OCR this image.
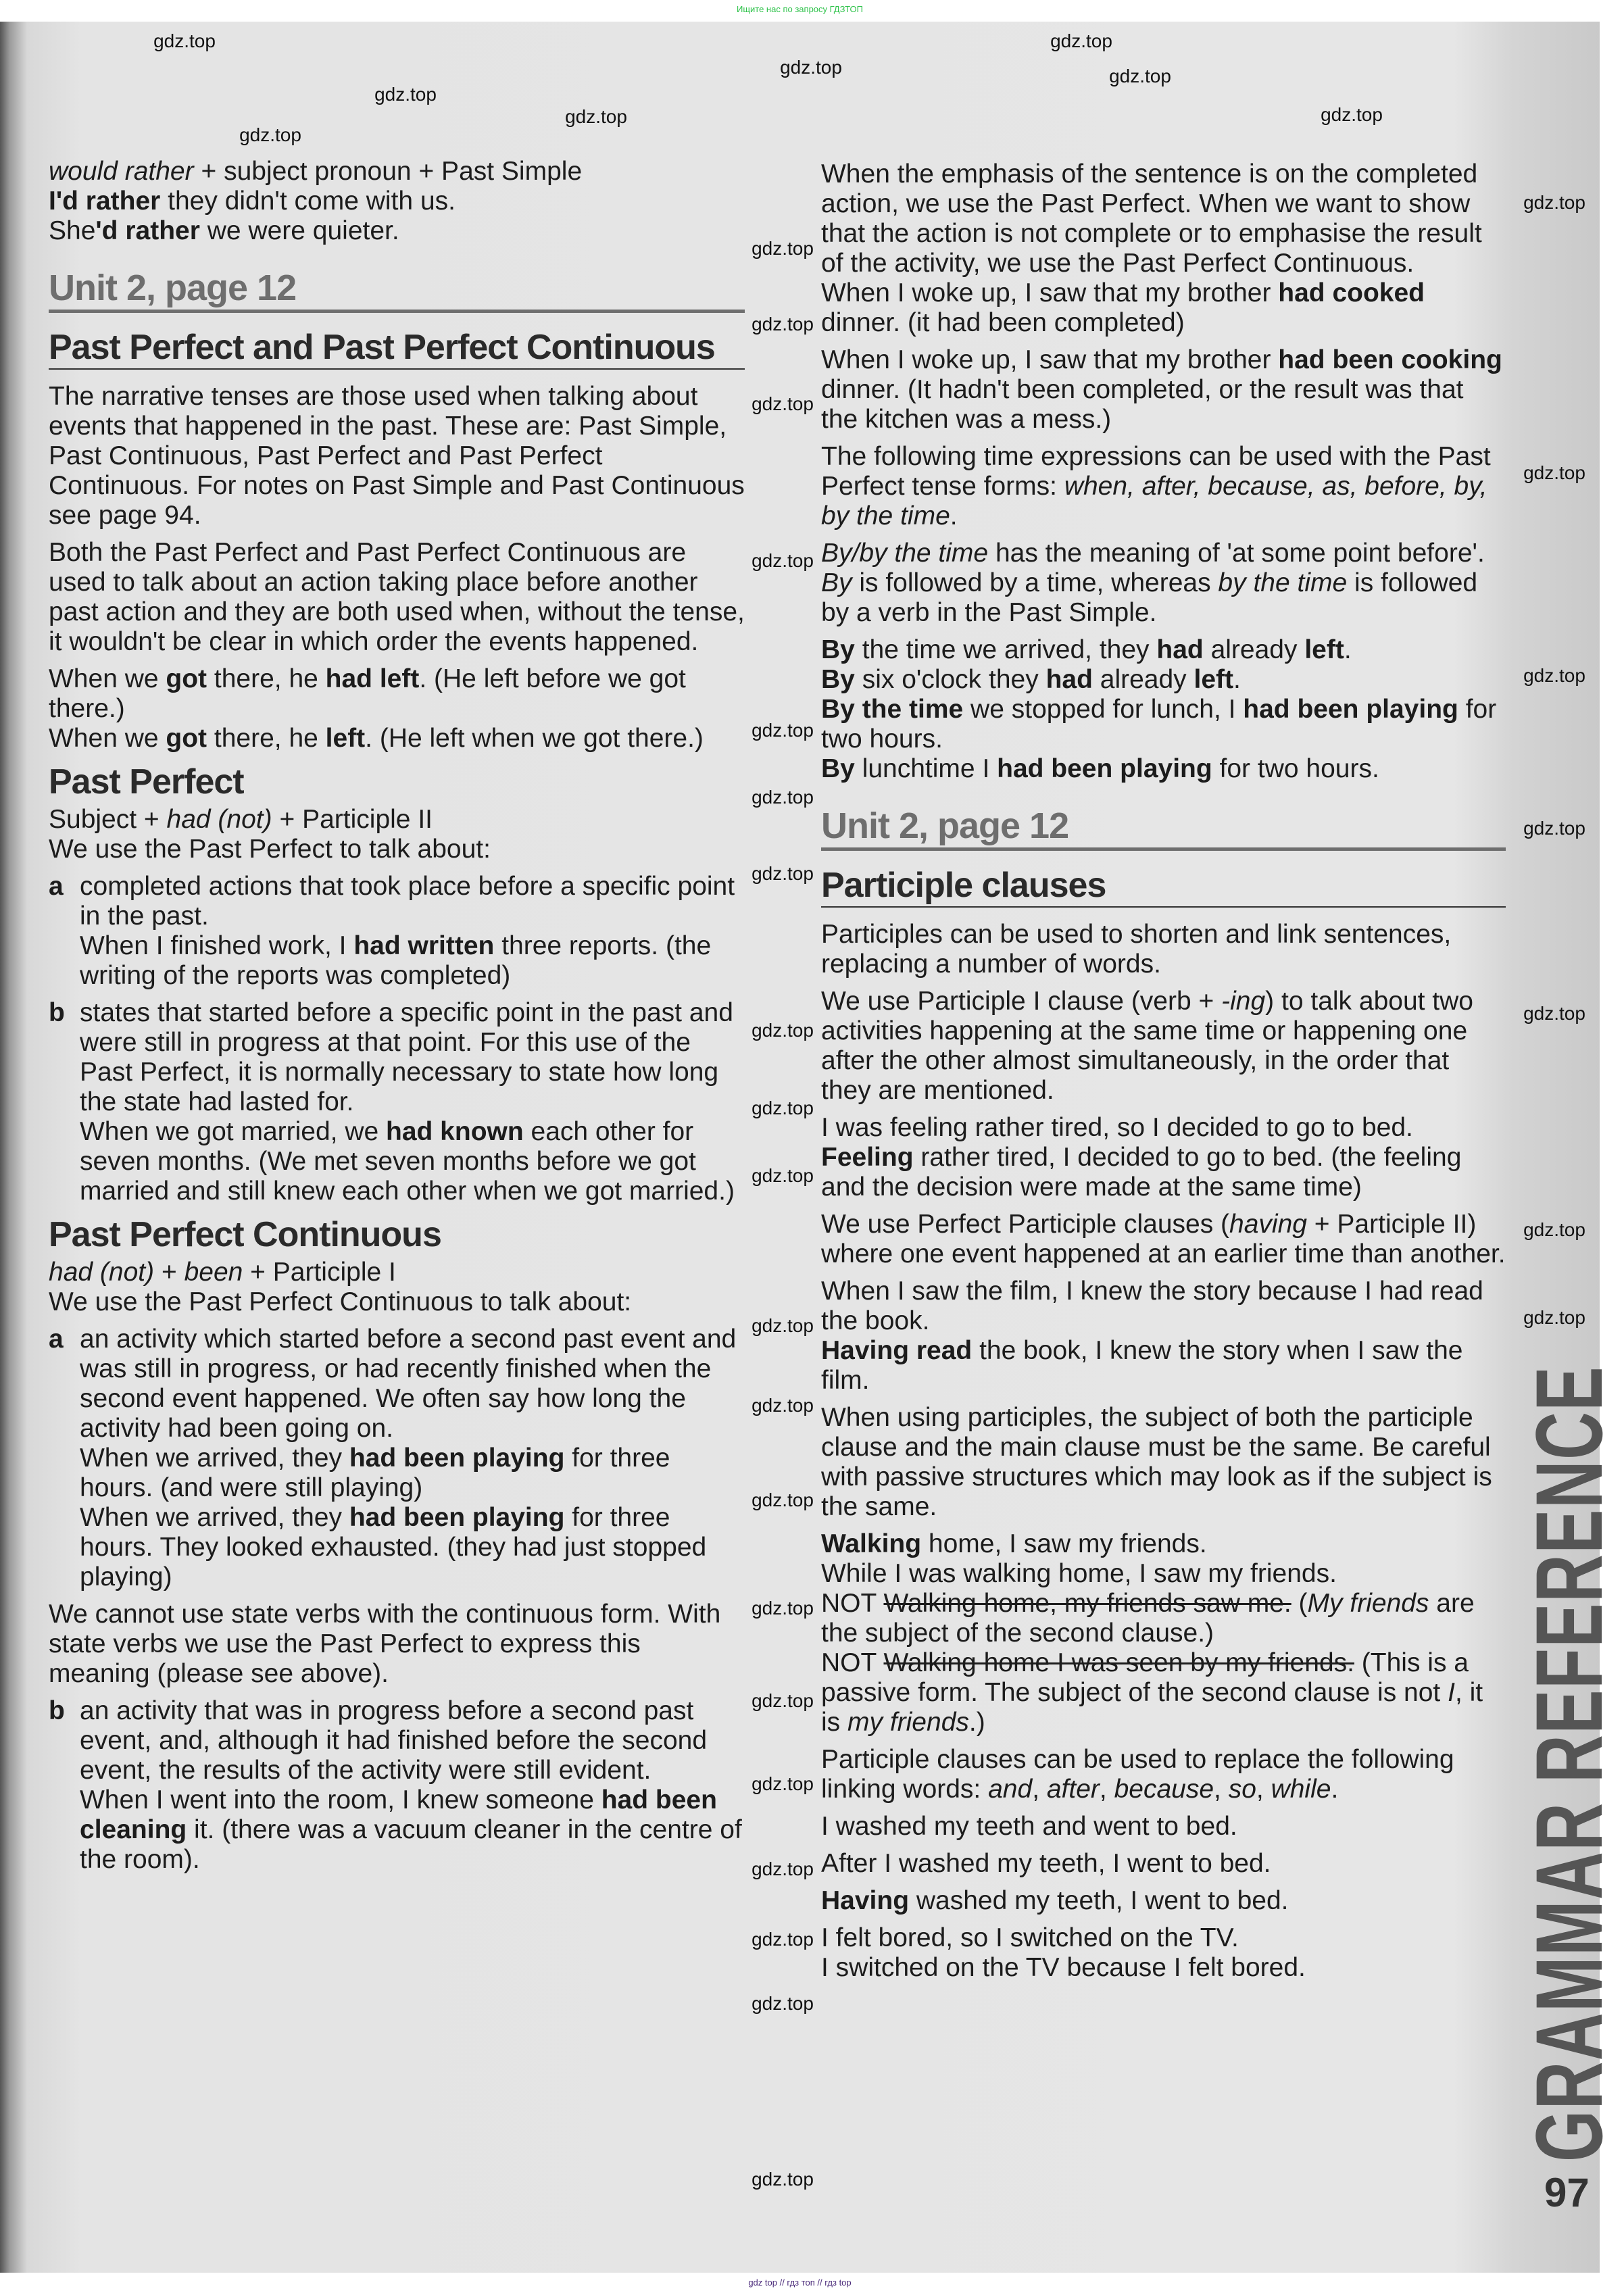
Ищите нас по запросу ГДЗТОП
would rather + subject pronoun + Past Simple
I'd rather they didn't come with us.
She'd rather we were quieter.
Unit 2, page 12
Past Perfect and Past Perfect Continuous
The narrative tenses are those used when talking about events that happened in the past. These are: Past Simple, Past Continuous, Past Perfect and Past Perfect Continuous. For notes on Past Simple and Past Continuous see page 94.
Both the Past Perfect and Past Perfect Continuous are used to talk about an action taking place before another past action and they are both used when, without the tense, it wouldn't be clear in which order the events happened.
When we got there, he had left. (He left before we got there.)
When we got there, he left. (He left when we got there.)
Past Perfect
Subject + had (not) + Participle II
We use the Past Perfect to talk about:
a completed actions that took place before a specific point in the past.
When I finished work, I had written three reports. (the writing of the reports was completed)
b states that started before a specific point in the past and were still in progress at that point. For this use of the Past Perfect, it is normally necessary to state how long the state had lasted for.
When we got married, we had known each other for seven months. (We met seven months before we got married and still knew each other when we got married.)
Past Perfect Continuous
had (not) + been + Participle I
We use the Past Perfect Continuous to talk about:
a an activity which started before a second past event and was still in progress, or had recently finished when the second event happened. We often say how long the activity had been going on.
When we arrived, they had been playing for three hours. (and were still playing)
When we arrived, they had been playing for three hours. They looked exhausted. (they had just stopped playing)
We cannot use state verbs with the continuous form. With state verbs we use the Past Perfect to express this meaning (please see above).
b an activity that was in progress before a second past event, and, although it had finished before the second event, the results of the activity were still evident.
When I went into the room, I knew someone had been cleaning it. (there was a vacuum cleaner in the centre of the room).
When the emphasis of the sentence is on the completed action, we use the Past Perfect. When we want to show that the action is not complete or to emphasise the result of the activity, we use the Past Perfect Continuous.
When I woke up, I saw that my brother had cooked dinner. (it had been completed)
When I woke up, I saw that my brother had been cooking dinner. (It hadn't been completed, or the result was that the kitchen was a mess.)
The following time expressions can be used with the Past Perfect tense forms: when, after, because, as, before, by, by the time.
By/by the time has the meaning of 'at some point before'. By is followed by a time, whereas by the time is followed by a verb in the Past Simple.
By the time we arrived, they had already left.
By six o'clock they had already left.
By the time we stopped for lunch, I had been playing for two hours.
By lunchtime I had been playing for two hours.
Unit 2, page 12
Participle clauses
Participles can be used to shorten and link sentences, replacing a number of words.
We use Participle I clause (verb + -ing) to talk about two activities happening at the same time or happening one after the other almost simultaneously, in the order that they are mentioned.
I was feeling rather tired, so I decided to go to bed.
Feeling rather tired, I decided to go to bed. (the feeling and the decision were made at the same time)
We use Perfect Participle clauses (having + Participle II) where one event happened at an earlier time than another.
When I saw the film, I knew the story because I had read the book.
Having read the book, I knew the story when I saw the film.
When using participles, the subject of both the participle clause and the main clause must be the same. Be careful with passive structures which may look as if the subject is the same.
Walking home, I saw my friends.
While I was walking home, I saw my friends.
NOT Walking home, my friends saw me. (My friends are the subject of the second clause.)
NOT Walking home I was seen by my friends. (This is a passive form. The subject of the second clause is not I, it is my friends.)
Participle clauses can be used to replace the following linking words: and, after, because, so, while.
I washed my teeth and went to bed.
After I washed my teeth, I went to bed.
Having washed my teeth, I went to bed.
I felt bored, so I switched on the TV.
I switched on the TV because I felt bored.	GRAMMAR REFERENCE
97
gdz.top
gdz.top
gdz.top
gdz.top
gdz.top
gdz.top
gdz.top
gdz.top
gdz.top
gdz.top
gdz.top
gdz.top
gdz.top
gdz.top
gdz.top
gdz.top
gdz.top
gdz.top
gdz.top
gdz.top
gdz.top
gdz.top
gdz.top
gdz.top
gdz.top
gdz.top
gdz.top
gdz.top
gdz.top
gdz.top
gdz.top
gdz.top
gdz.top
gdz.top
gdz.top
gdz top // гдз топ // гдз top
